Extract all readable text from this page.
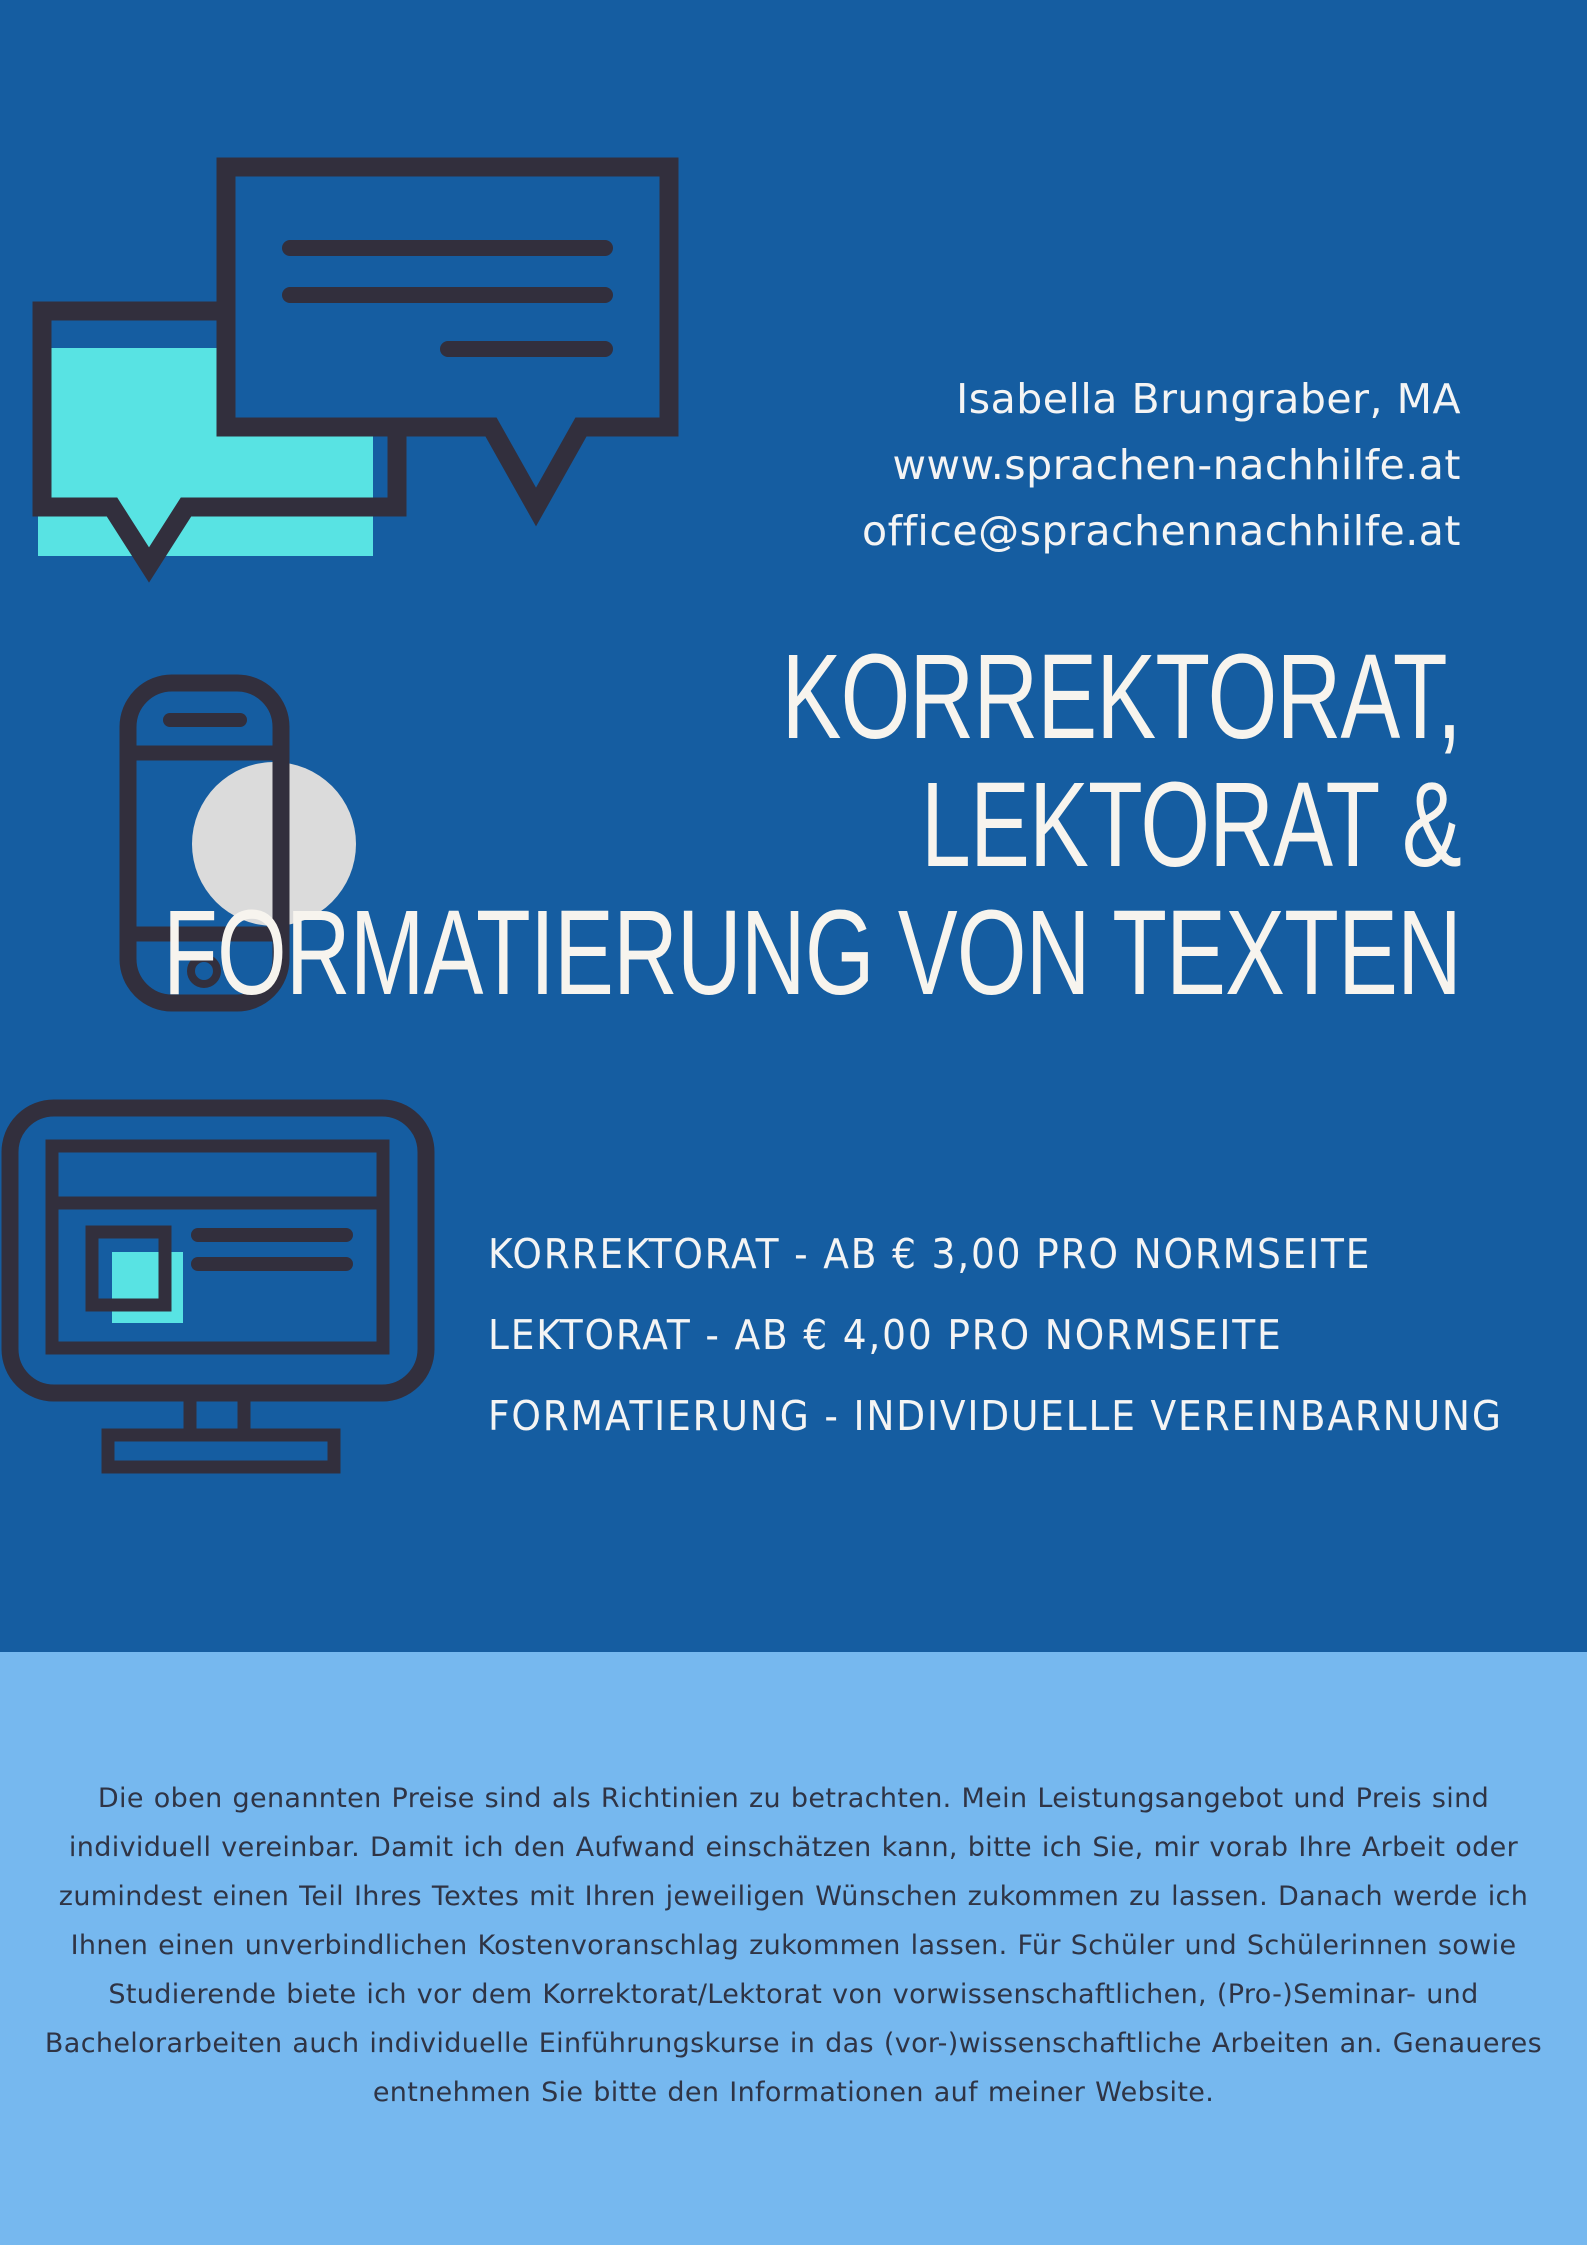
Isabella Brungraber, MA
www.sprachen-nachhilfe.at
office@sprachennachhilfe.at
KORREKTORAT,
LEKTORAT &
FORMATIERUNG VON TEXTEN
KORREKTORAT - AB € 3,00 PRO NORMSEITE
LEKTORAT - AB € 4,00 PRO NORMSEITE
FORMATIERUNG - INDIVIDUELLE VEREINBARNUNG
Die oben genannten Preise sind als Richtinien zu betrachten. Mein Leistungsangebot und Preis sind individuell vereinbar. Damit ich den Aufwand einschätzen kann, bitte ich Sie, mir vorab Ihre Arbeit oder zumindest einen Teil Ihres Textes mit Ihren jeweiligen Wünschen zukommen zu lassen. Danach werde ich Ihnen einen unverbindlichen Kostenvoranschlag zukommen lassen. Für Schüler und Schülerinnen sowie Studierende biete ich vor dem Korrektorat/Lektorat von vorwissenschaftlichen, (Pro-)Seminar- und Bachelorarbeiten auch individuelle Einführungskurse in das (vor-)wissenschaftliche Arbeiten an. Genaueres entnehmen Sie bitte den Informationen auf meiner Website.
